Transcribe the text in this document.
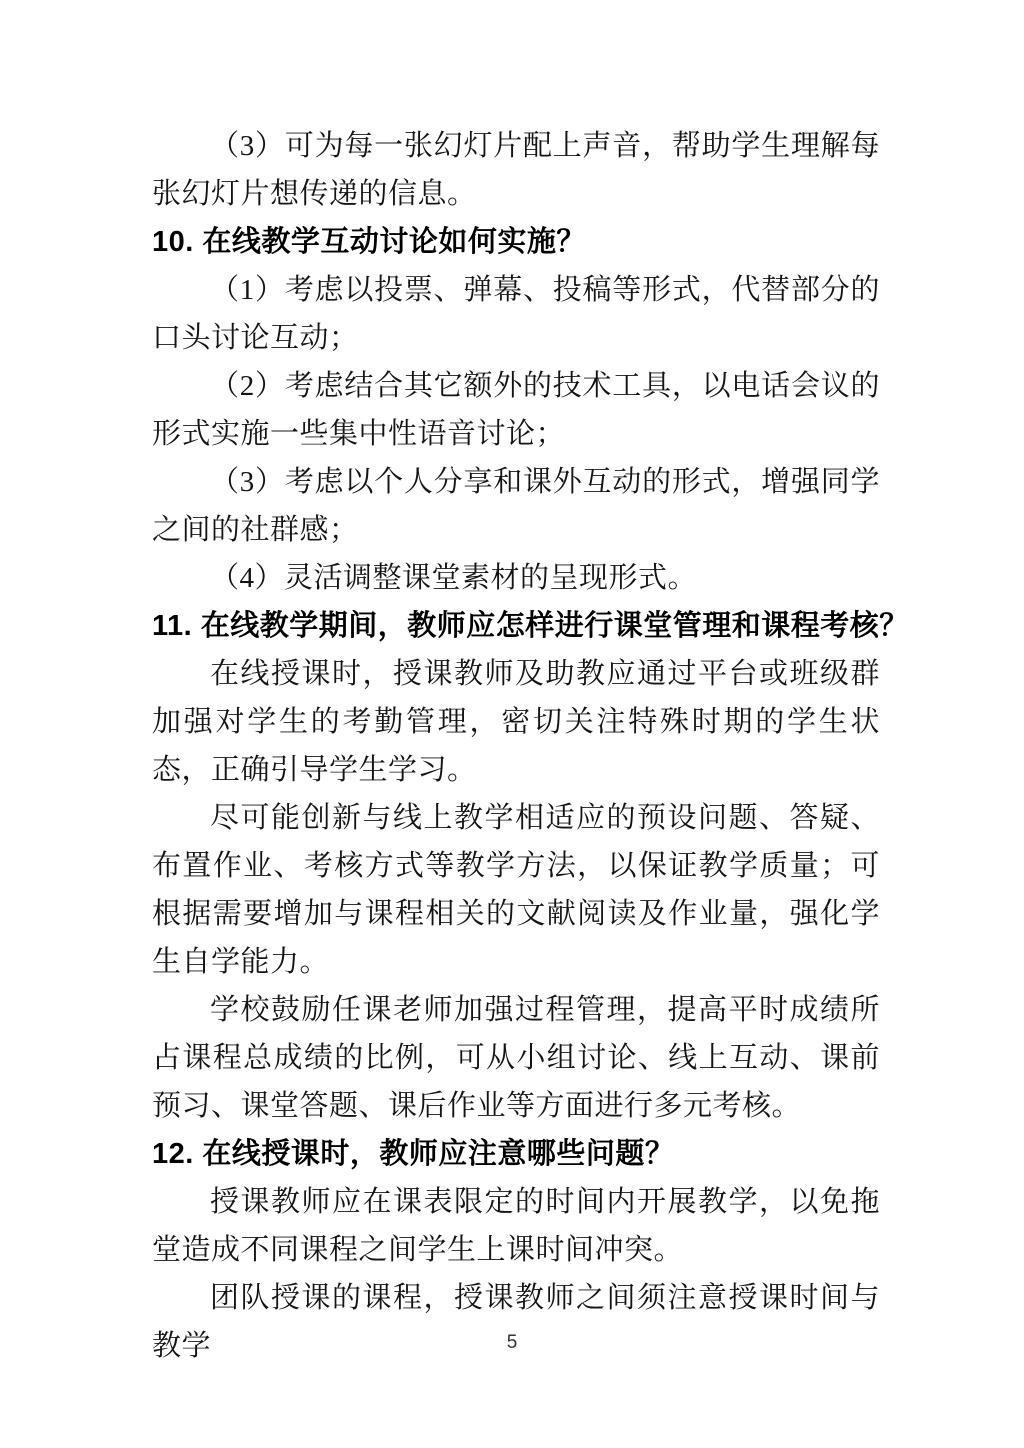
（3）可为每一张幻灯片配上声音，帮助学生理解每张幻灯片想传递的信息。

10. 在线教学互动讨论如何实施？

（1）考虑以投票、弹幕、投稿等形式，代替部分的口头讨论互动；

（2）考虑结合其它额外的技术工具，以电话会议的形式实施一些集中性语音讨论；

（3）考虑以个人分享和课外互动的形式，增强同学之间的社群感；

（4）灵活调整课堂素材的呈现形式。

11. 在线教学期间，教师应怎样进行课堂管理和课程考核？

在线授课时，授课教师及助教应通过平台或班级群加强对学生的考勤管理，密切关注特殊时期的学生状态，正确引导学生学习。

尽可能创新与线上教学相适应的预设问题、答疑、布置作业、考核方式等教学方法，以保证教学质量；可根据需要增加与课程相关的文献阅读及作业量，强化学生自学能力。

学校鼓励任课老师加强过程管理，提高平时成绩所占课程总成绩的比例，可从小组讨论、线上互动、课前预习、课堂答题、课后作业等方面进行多元考核。

12. 在线授课时，教师应注意哪些问题？

授课教师应在课表限定的时间内开展教学，以免拖堂造成不同课程之间学生上课时间冲突。

团队授课的课程，授课教师之间须注意授课时间与教学	5
